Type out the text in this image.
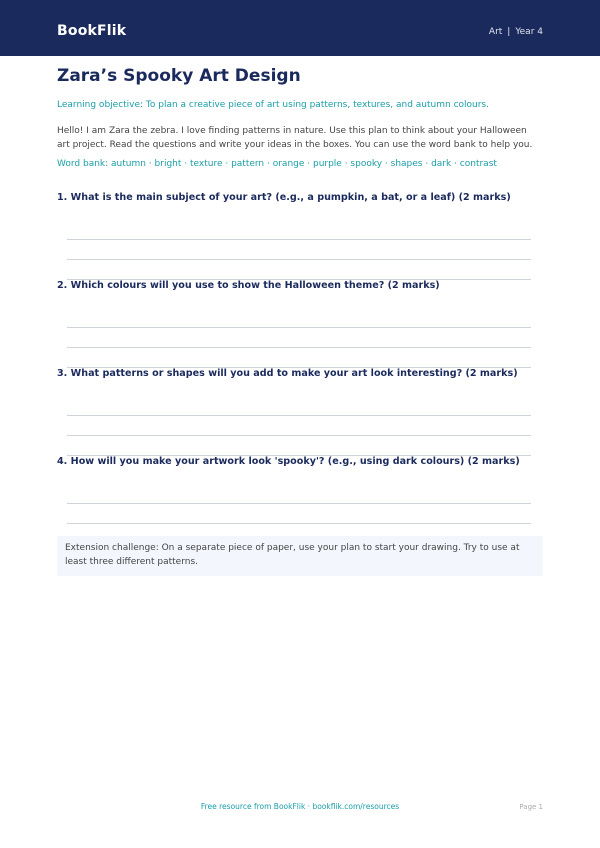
BookFlik	Art | Year 4
Zara’s Spooky Art Design
Learning objective: To plan a creative piece of art using patterns, textures, and autumn colours.
Hello! I am Zara the zebra. I love finding patterns in nature. Use this plan to think about your Halloween art project. Read the questions and write your ideas in the boxes. You can use the word bank to help you.
Word bank: autumn · bright · texture · pattern · orange · purple · spooky · shapes · dark · contrast
1. What is the main subject of your art? (e.g., a pumpkin, a bat, or a leaf) (2 marks)
2. Which colours will you use to show the Halloween theme? (2 marks)
3. What patterns or shapes will you add to make your art look interesting? (2 marks)
4. How will you make your artwork look 'spooky'? (e.g., using dark colours) (2 marks)
Extension challenge: On a separate piece of paper, use your plan to start your drawing. Try to use at least three different patterns.
Free resource from BookFlik · bookflik.com/resources	Page 1
